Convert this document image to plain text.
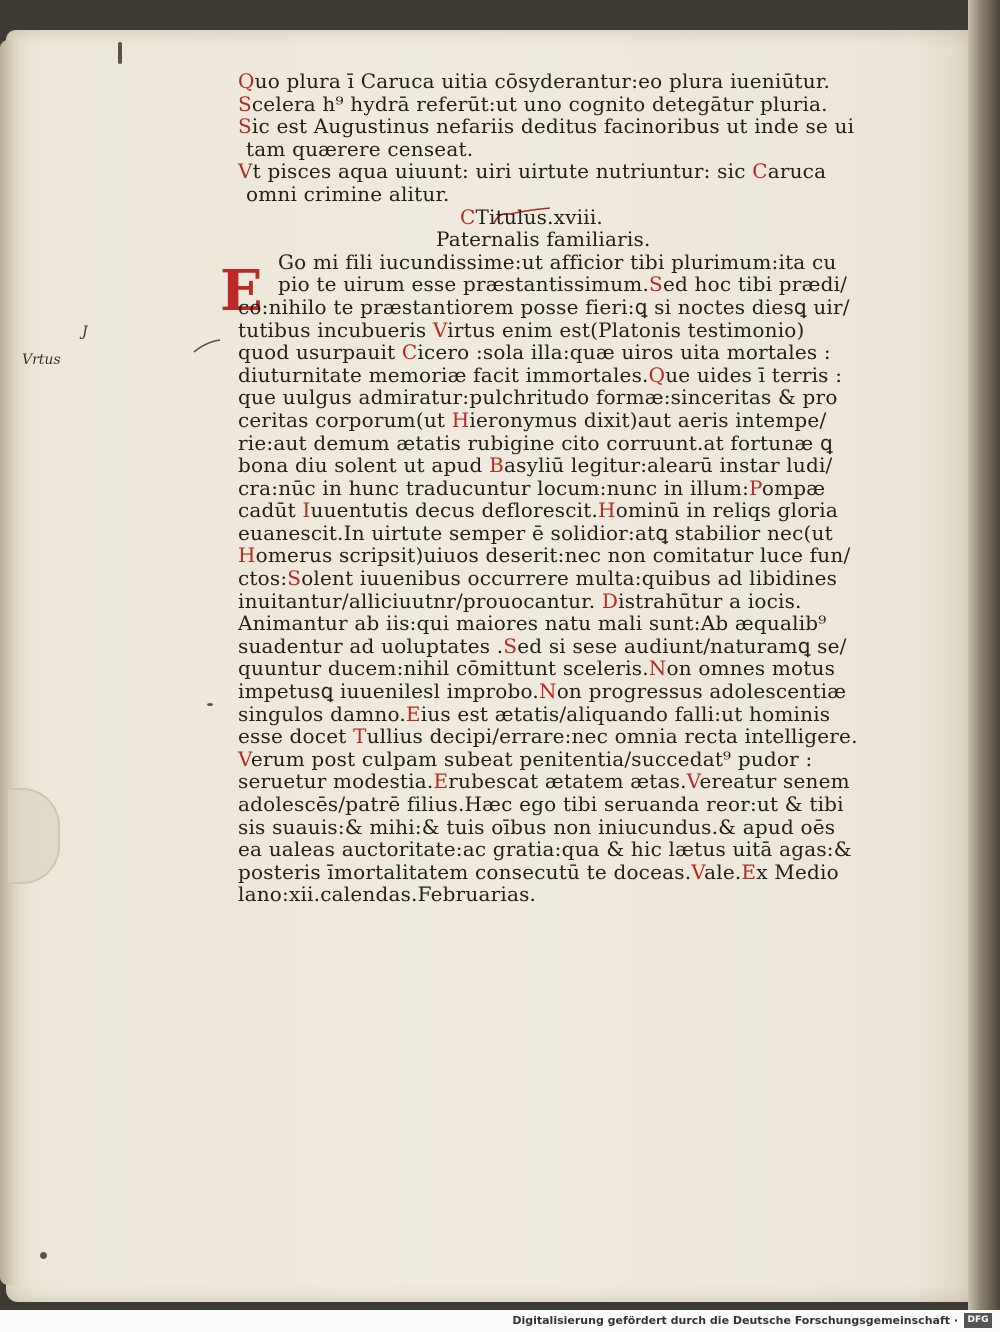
J
Vrtus
E
Quo plura ī Caruca uitia cōsyderantur:eo plura iueniūtur.
Scelera h⁹ hydrā referūt:ut uno cognito detegātur pluria.
Sic est Augustinus nefariis deditus facinoribus ut inde se ui
tam quærere censeat.
Vt pisces aqua uiuunt: uiri uirtute nutriuntur: sic Caruca
omni crimine alitur.
CTitulus.xviii.
Paternalis familiaris.
Go mi fili iucundissime:ut afficior tibi plurimum:ita cu
pio te uirum esse præstantissimum.Sed hoc tibi prædi/
co:nihilo te præstantiorem posse fieri:ꝗ si noctes diesꝗ uir/
tutibus incubueris Virtus enim est(Platonis testimonio)
quod usurpauit Cicero :sola illa:quæ uiros uita mortales :
diuturnitate memoriæ facit immortales.Que uides ī terris :
que uulgus admiratur:pulchritudo formæ:sinceritas & pro
ceritas corporum(ut Hieronymus dixit)aut aeris intempe/
rie:aut demum ætatis rubigine cito corruunt.at fortunæ ꝗ
bona diu solent ut apud Basyliū legitur:alearū instar ludi/
cra:nūc in hunc traducuntur locum:nunc in illum:Pompæ
cadūt Iuuentutis decus deflorescit.Hominū in reliqs gloria
euanescit.In uirtute semper ē solidior:atꝗ stabilior nec(ut
Homerus scripsit)uiuos deserit:nec non comitatur luce fun/
ctos:Solent iuuenibus occurrere multa:quibus ad libidines
inuitantur/alliciuutnr/prouocantur. Distrahūtur a iocis.
Animantur ab iis:qui maiores natu mali sunt:Ab æqualib⁹
suadentur ad uoluptates .Sed si sese audiunt/naturamꝗ se/
quuntur ducem:nihil cōmittunt sceleris.Non omnes motus
impetusꝗ iuuenilesl improbo.Non progressus adolescentiæ
singulos damno.Eius est ætatis/aliquando falli:ut hominis
esse docet Tullius decipi/errare:nec omnia recta intelligere.
Verum post culpam subeat penitentia/succedat⁹ pudor :
seruetur modestia.Erubescat ætatem ætas.Vereatur senem
adolescēs/patrē filius.Hæc ego tibi seruanda reor:ut & tibi
sis suauis:& mihi:& tuis oībus non iniucundus.& apud oēs
ea ualeas auctoritate:ac gratia:qua & hic lætus uitā agas:&
posteris īmortalitatem consecutū te doceas.Vale.Ex Medio
lano:xii.calendas.Februarias.
Digitalisierung gefördert durch die Deutsche Forschungsgemeinschaft ·	DFG
